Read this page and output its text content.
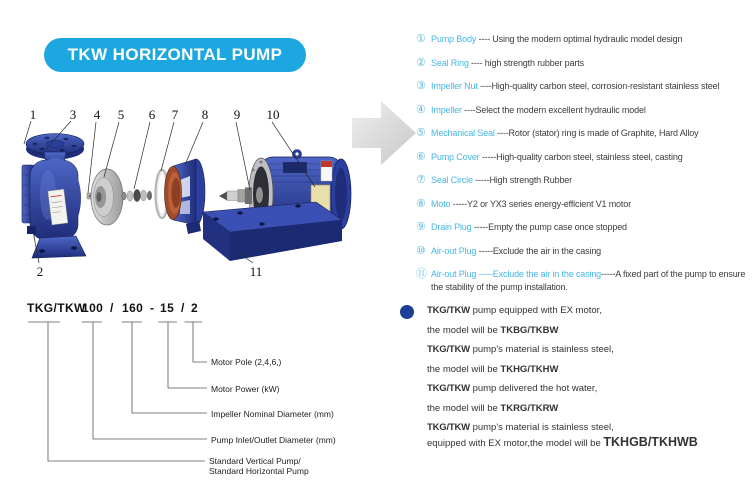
TKW HORIZONTAL PUMP
1
2
3 4 5 6 7 8 9 10
11
① Pump Body ---- Using the modern optimal hydraulic model design
② Seal Ring ---- high strength rubber parts
③ Impeller Nut ----High-quality carbon steel, corrosion-resistant stainless steel
④ Impeller ----Select the modern excellent hydraulic model
⑤ Mechanical Seal ----Rotor (stator) ring is made of Graphite, Hard Alloy
⑥ Pump Cover -----High-quality carbon steel, stainless steel, casting
⑦ Seal Circle -----High strength Rubber
⑧ Moto -----Y2 or YX3 series energy-efficient V1 motor
⑨ Drain Plug -----Empty the pump case once stopped
⑩ Air-out Plug -----Exclude the air in the casing
⑪ Air-out Plug -----Exclude the air in the casing-----A fixed part of the pump to ensure the stability of the pump installation.
TKG/TKW
100 / 160 - 15 / 2
Motor Pole (2,4,6,)
Motor Power (kW)
Impeller Nominal Diameter (mm)
Pump Inlet/Outlet Diameter (mm)
Standard Vertical Pump/
Standard Horizontal Pump
TKG/TKW pump equipped with EX motor,
the model will be TKBG/TKBW
TKG/TKW pump's material is stainless steel,
the model will be TKHG/TKHW
TKG/TKW pump delivered the hot water,
the model will be TKRG/TKRW
TKG/TKW pump's material is stainless steel,
equipped with EX motor,the model will be TKHGB/TKHWB
